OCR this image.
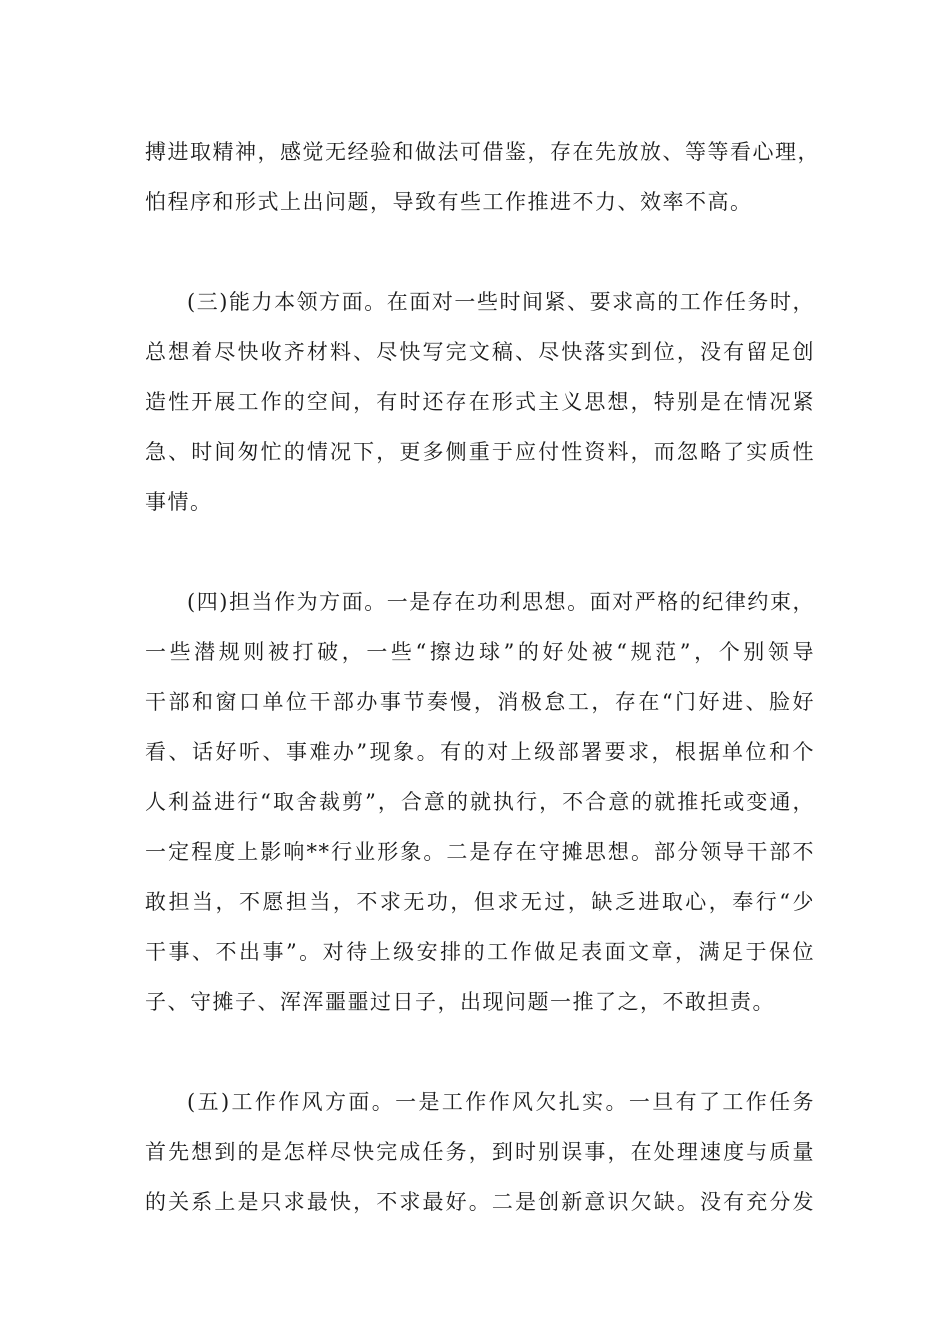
搏进取精神，感觉无经验和做法可借鉴，存在先放放、等等看心理，
怕程序和形式上出问题，导致有些工作推进不力、效率不高。

(三)能力本领方面。在面对一些时间紧、要求高的工作任务时，
总想着尽快收齐材料、尽快写完文稿、尽快落实到位，没有留足创
造性开展工作的空间，有时还存在形式主义思想，特别是在情况紧
急、时间匆忙的情况下，更多侧重于应付性资料，而忽略了实质性
事情。

(四)担当作为方面。一是存在功利思想。面对严格的纪律约束，
一些潜规则被打破，一些“擦边球”的好处被“规范”，个别领导
干部和窗口单位干部办事节奏慢，消极怠工，存在“门好进、脸好
看、话好听、事难办”现象。有的对上级部署要求，根据单位和个
人利益进行“取舍裁剪”，合意的就执行，不合意的就推托或变通，
一定程度上影响**行业形象。二是存在守摊思想。部分领导干部不
敢担当，不愿担当，不求无功，但求无过，缺乏进取心，奉行“少
干事、不出事”。对待上级安排的工作做足表面文章，满足于保位
子、守摊子、浑浑噩噩过日子，出现问题一推了之，不敢担责。

(五)工作作风方面。一是工作作风欠扎实。一旦有了工作任务
首先想到的是怎样尽快完成任务，到时别误事，在处理速度与质量
的关系上是只求最快，不求最好。二是创新意识欠缺。没有充分发
